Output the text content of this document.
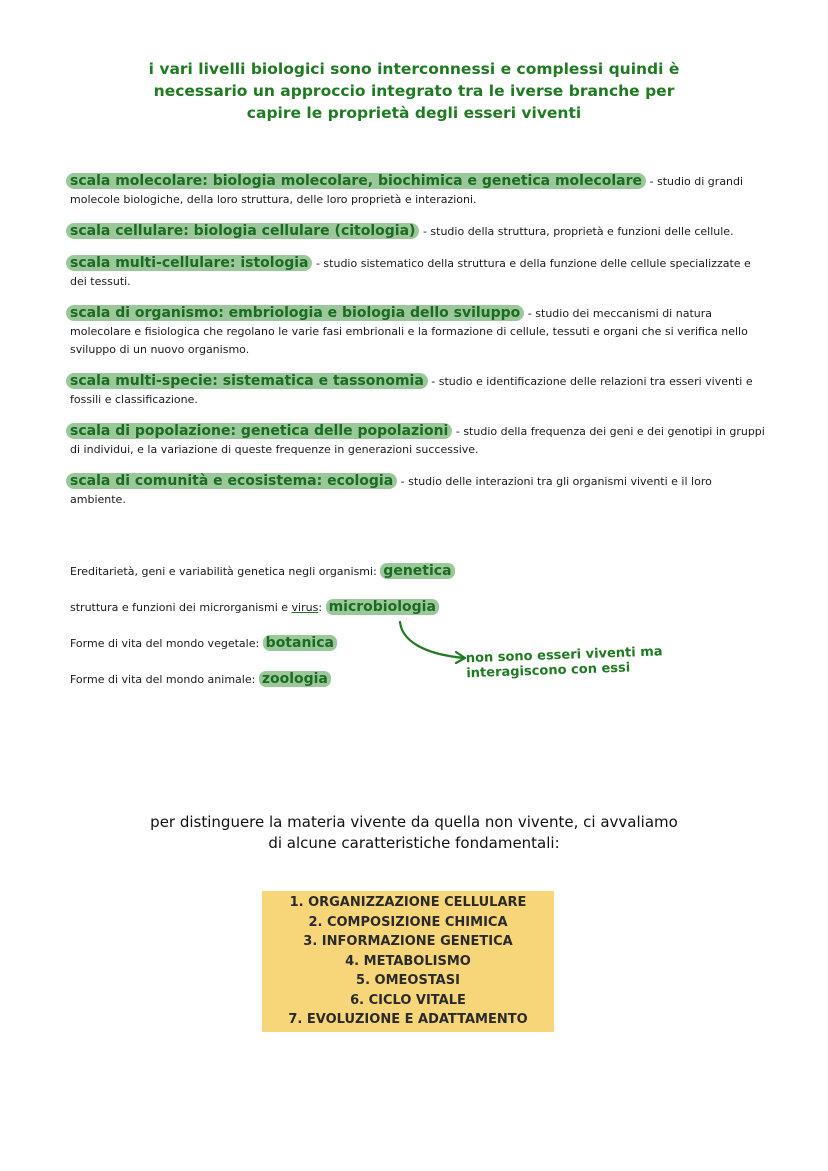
i vari livelli biologici sono interconnessi e complessi quindi è
necessario un approccio integrato tra le iverse branche per
capire le proprietà degli esseri viventi
scala molecolare: biologia molecolare, biochimica e genetica molecolare - studio di grandi molecole biologiche, della loro struttura, delle loro proprietà e interazioni.
scala cellulare: biologia cellulare (citologia) - studio della struttura, proprietà e funzioni delle cellule.
scala multi-cellulare: istologia - studio sistematico della struttura e della funzione delle cellule specializzate e dei tessuti.
scala di organismo: embriologia e biologia dello sviluppo - studio dei meccanismi di natura molecolare e fisiologica che regolano le varie fasi embrionali e la formazione di cellule, tessuti e organi che si verifica nello sviluppo di un nuovo organismo.
scala multi-specie: sistematica e tassonomia - studio e identificazione delle relazioni tra esseri viventi e fossili e classificazione.
scala di popolazione: genetica delle popolazioni - studio della frequenza dei geni e dei genotipi in gruppi di individui, e la variazione di queste frequenze in generazioni successive.
scala di comunità e ecosistema: ecologia - studio delle interazioni tra gli organismi viventi e il loro ambiente.
Ereditarietà, geni e variabilità genetica negli organismi: genetica
struttura e funzioni dei microrganismi e virus: microbiologia
Forme di vita del mondo vegetale: botanica
Forme di vita del mondo animale: zoologia
non sono esseri viventi ma
interagiscono con essi
per distinguere la materia vivente da quella non vivente, ci avvaliamo
di alcune caratteristiche fondamentali:
1. ORGANIZZAZIONE CELLULARE
2. COMPOSIZIONE CHIMICA
3. INFORMAZIONE GENETICA
4. METABOLISMO
5. OMEOSTASI
6. CICLO VITALE
7. EVOLUZIONE E ADATTAMENTO
